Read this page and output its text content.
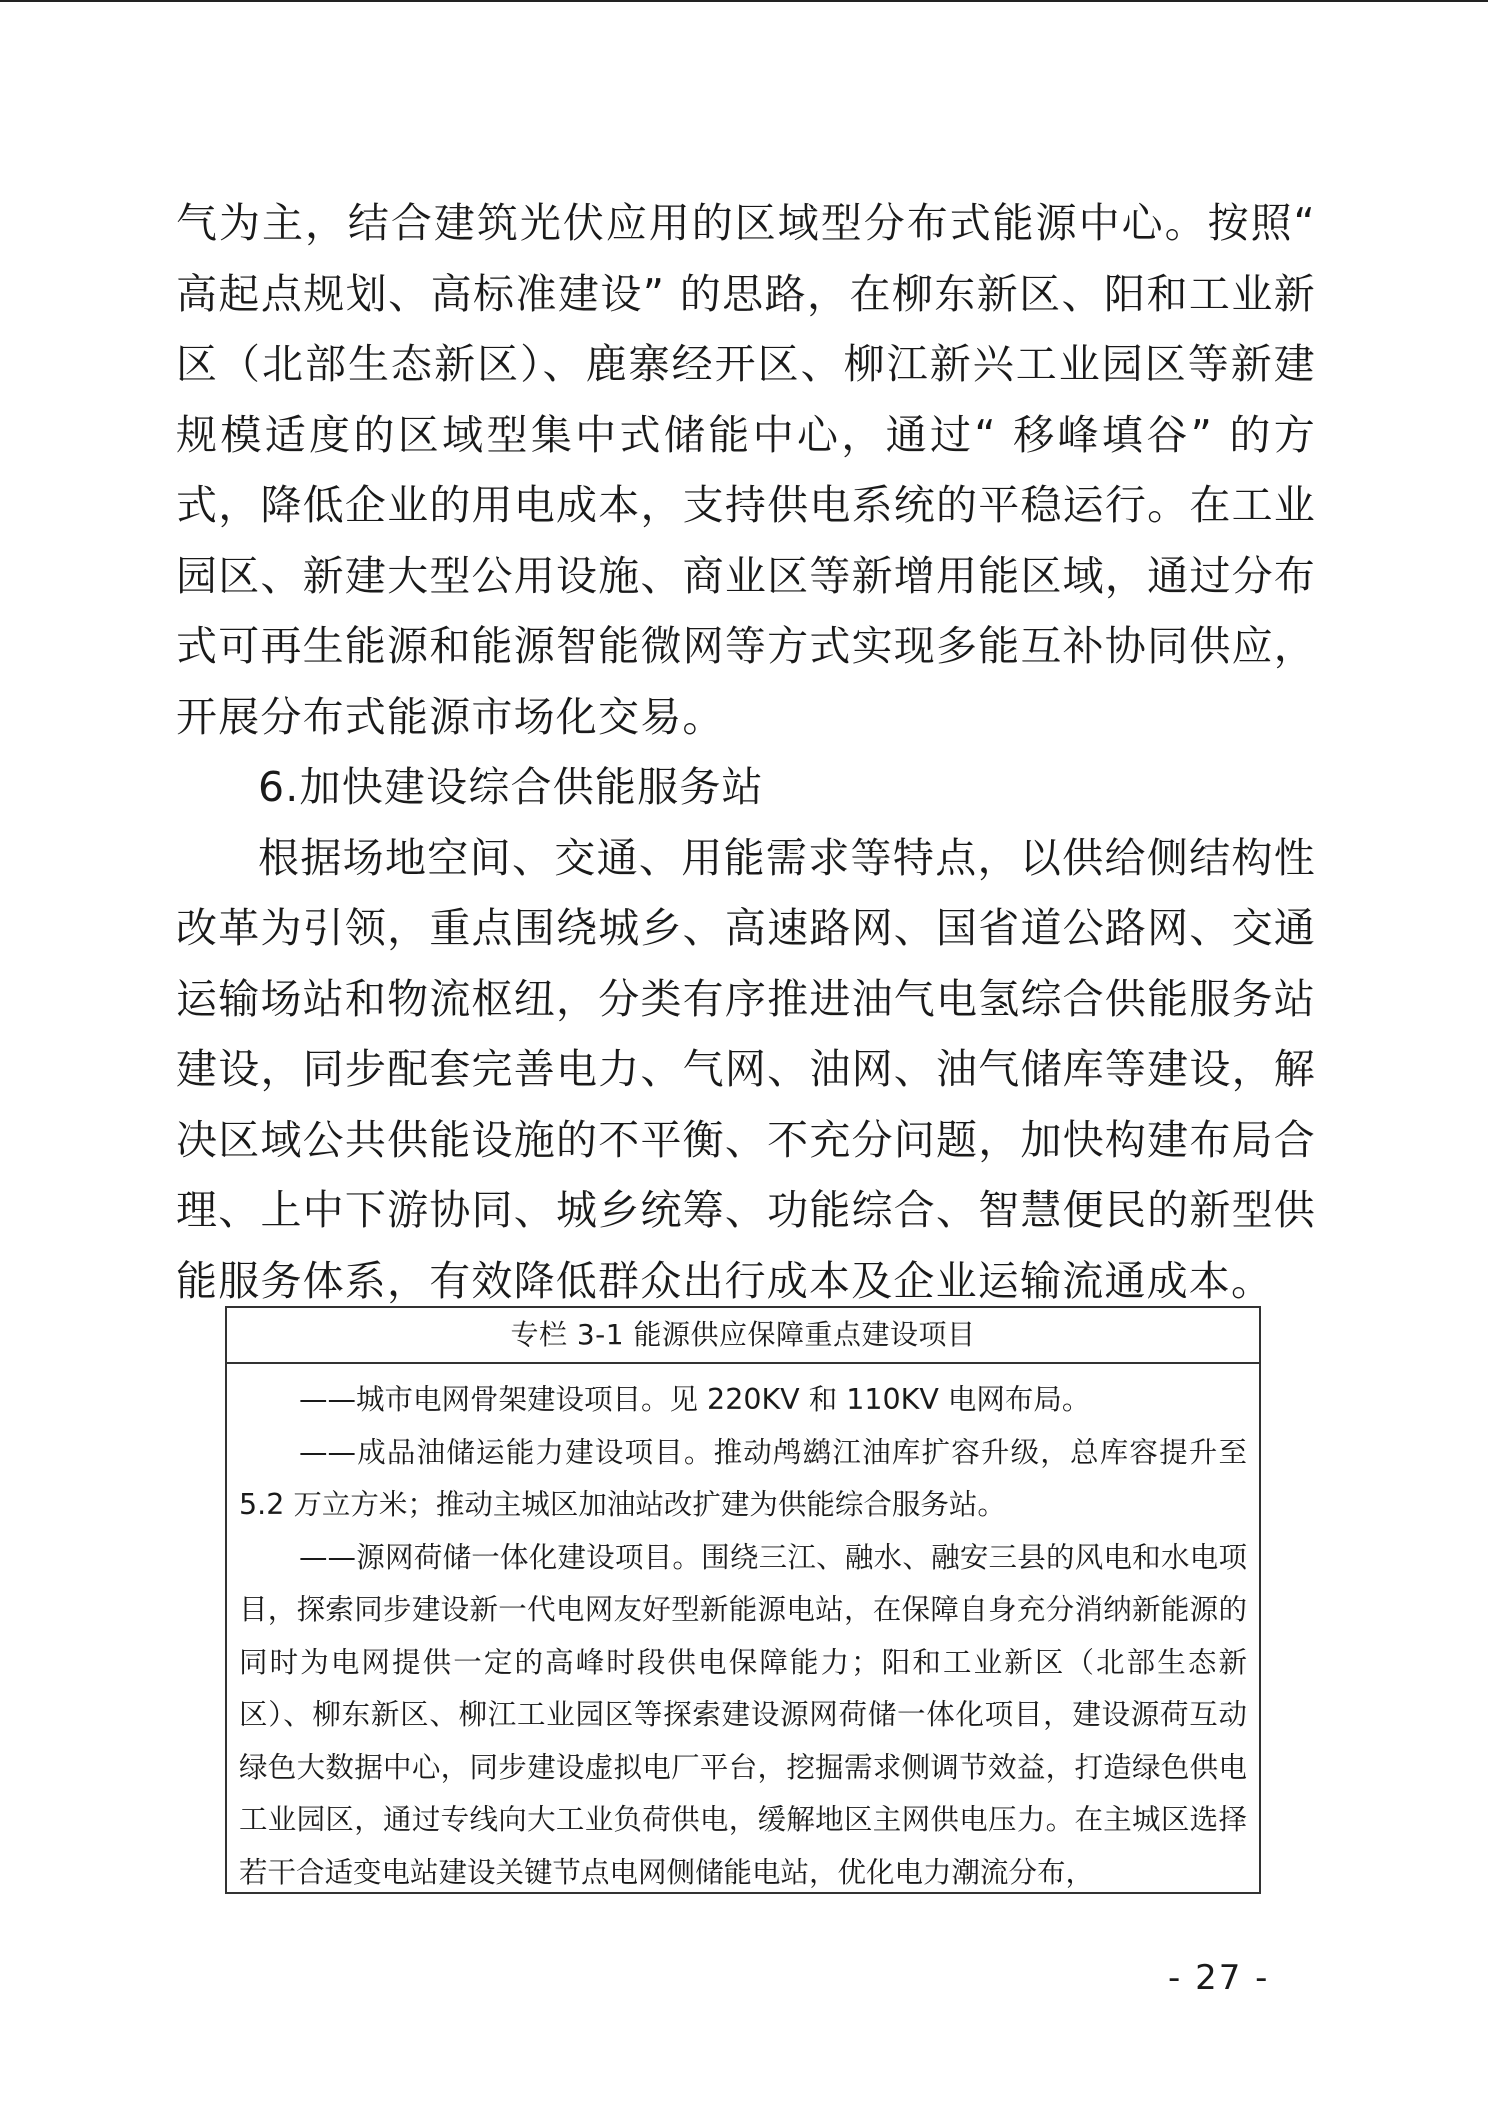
气为主，结合建筑光伏应用的区域型分布式能源中心。按照“ 高起点规划、高标准建设” 的思路，在柳东新区、阳和工业新区（北部生态新区）、鹿寨经开区、柳江新兴工业园区等新建规模适度的区域型集中式储能中心，通过“ 移峰填谷” 的方式，降低企业的用电成本，支持供电系统的平稳运行。在工业园区、新建大型公用设施、商业区等新增用能区域，通过分布式可再生能源和能源智能微网等方式实现多能互补协同供应，开展分布式能源市场化交易。

6.加快建设综合供能服务站

根据场地空间、交通、用能需求等特点，以供给侧结构性改革为引领，重点围绕城乡、高速路网、国省道公路网、交通运输场站和物流枢纽，分类有序推进油气电氢综合供能服务站建设，同步配套完善电力、气网、油网、油气储库等建设，解决区域公共供能设施的不平衡、不充分问题，加快构建布局合理、上中下游协同、城乡统筹、功能综合、智慧便民的新型供能服务体系，有效降低群众出行成本及企业运输流通成本。

专栏 3-1 能源供应保障重点建设项目

——城市电网骨架建设项目。见 220KV 和 110KV 电网布局。

——成品油储运能力建设项目。推动鸬鹚江油库扩容升级，总库容提升至 5.2 万立方米；推动主城区加油站改扩建为供能综合服务站。

——源网荷储一体化建设项目。围绕三江、融水、融安三县的风电和水电项目，探索同步建设新一代电网友好型新能源电站，在保障自身充分消纳新能源的同时为电网提供一定的高峰时段供电保障能力；阳和工业新区（北部生态新区）、柳东新区、柳江工业园区等探索建设源网荷储一体化项目，建设源荷互动绿色大数据中心，同步建设虚拟电厂平台，挖掘需求侧调节效益，打造绿色供电工业园区，通过专线向大工业负荷供电，缓解地区主网供电压力。在主城区选择若干合适变电站建设关键节点电网侧储能电站，优化电力潮流分布，

- 27 -
